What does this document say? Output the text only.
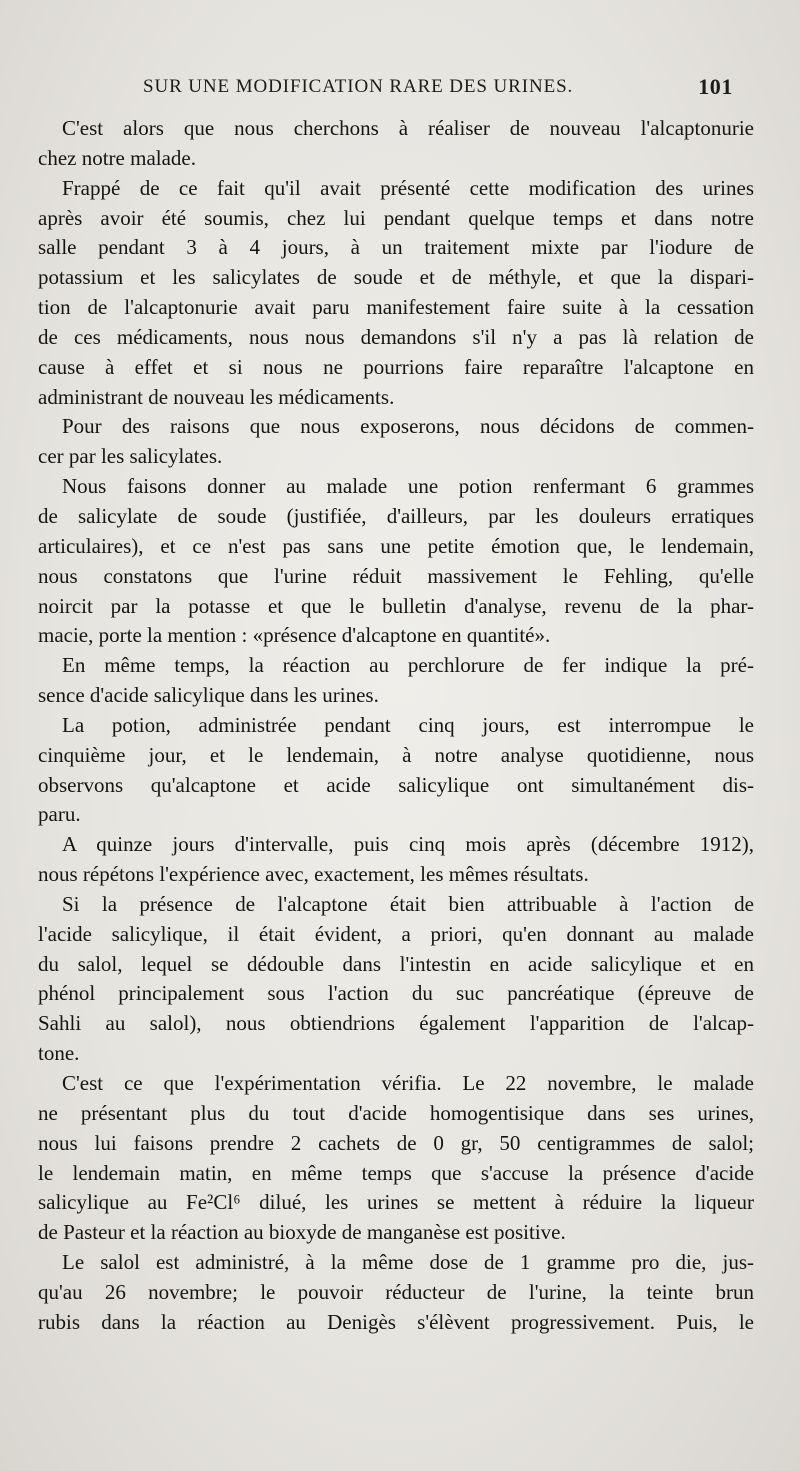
SUR UNE MODIFICATION RARE DES URINES.	101
C'est alors que nous cherchons à réaliser de nouveau l'alcaptonurie
chez notre malade.
Frappé de ce fait qu'il avait présenté cette modification des urines
après avoir été soumis, chez lui pendant quelque temps et dans notre
salle pendant 3 à 4 jours, à un traitement mixte par l'iodure de
potassium et les salicylates de soude et de méthyle, et que la dispari-
tion de l'alcaptonurie avait paru manifestement faire suite à la cessation
de ces médicaments, nous nous demandons s'il n'y a pas là relation de
cause à effet et si nous ne pourrions faire reparaître l'alcaptone en
administrant de nouveau les médicaments.
Pour des raisons que nous exposerons, nous décidons de commen-
cer par les salicylates.
Nous faisons donner au malade une potion renfermant 6 grammes
de salicylate de soude (justifiée, d'ailleurs, par les douleurs erratiques
articulaires), et ce n'est pas sans une petite émotion que, le lendemain,
nous constatons que l'urine réduit massivement le Fehling, qu'elle
noircit par la potasse et que le bulletin d'analyse, revenu de la phar-
macie, porte la mention : «présence d'alcaptone en quantité».
En même temps, la réaction au perchlorure de fer indique la pré-
sence d'acide salicylique dans les urines.
La potion, administrée pendant cinq jours, est interrompue le
cinquième jour, et le lendemain, à notre analyse quotidienne, nous
observons qu'alcaptone et acide salicylique ont simultanément dis-
paru.
A quinze jours d'intervalle, puis cinq mois après (décembre 1912),
nous répétons l'expérience avec, exactement, les mêmes résultats.
Si la présence de l'alcaptone était bien attribuable à l'action de
l'acide salicylique, il était évident, a priori, qu'en donnant au malade
du salol, lequel se dédouble dans l'intestin en acide salicylique et en
phénol principalement sous l'action du suc pancréatique (épreuve de
Sahli au salol), nous obtiendrions également l'apparition de l'alcap-
tone.
C'est ce que l'expérimentation vérifia. Le 22 novembre, le malade
ne présentant plus du tout d'acide homogentisique dans ses urines,
nous lui faisons prendre 2 cachets de 0 gr, 50 centigrammes de salol;
le lendemain matin, en même temps que s'accuse la présence d'acide
salicylique au Fe²Cl⁶ dilué, les urines se mettent à réduire la liqueur
de Pasteur et la réaction au bioxyde de manganèse est positive.
Le salol est administré, à la même dose de 1 gramme pro die, jus-
qu'au 26 novembre; le pouvoir réducteur de l'urine, la teinte brun
rubis dans la réaction au Denigès s'élèvent progressivement. Puis, le
